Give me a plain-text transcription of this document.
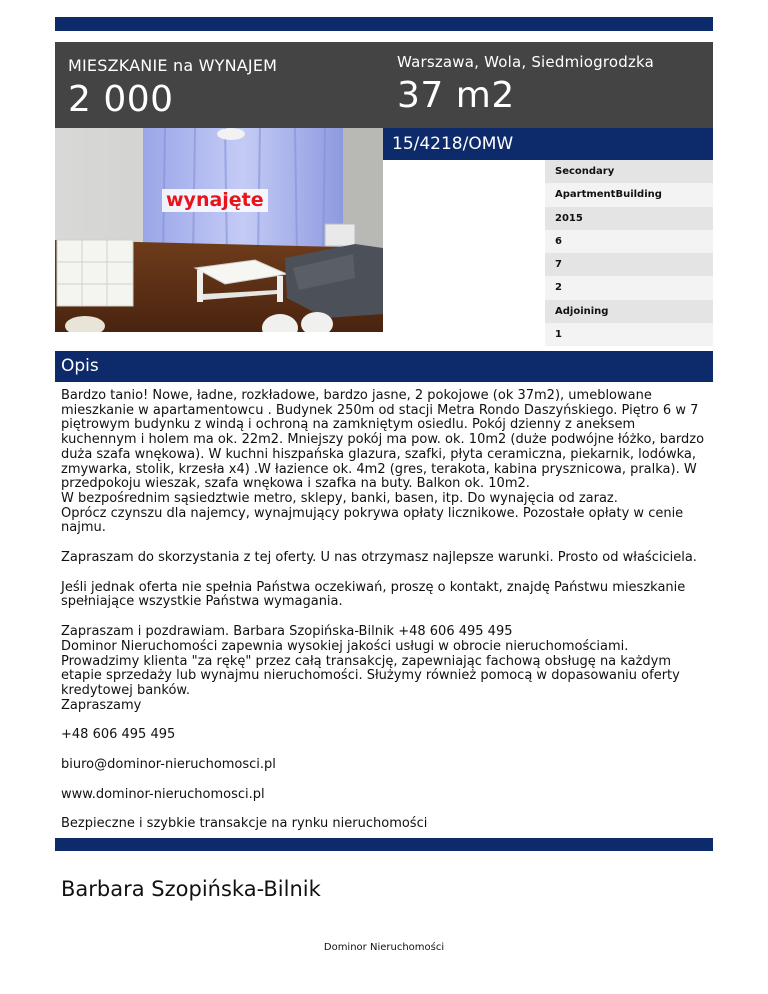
MIESZKANIE na WYNAJEM
2 000
Warszawa, Wola, Siedmiogrodzka
37 m2
wynajęte
15/4218/OMW
Secondary
ApartmentBuilding
2015
6
7
2
Adjoining
1
Opis

Bardzo tanio! Nowe, ładne, rozkładowe, bardzo jasne, 2 pokojowe (ok 37m2), umeblowane
mieszkanie w apartamentowcu . Budynek 250m od stacji Metra Rondo Daszyńskiego. Piętro 6 w 7
piętrowym budynku z windą i ochroną na zamkniętym osiedlu. Pokój dzienny z aneksem
kuchennym i holem ma ok. 22m2. Mniejszy pokój ma pow. ok. 10m2 (duże podwójne łóżko, bardzo
duża szafa wnękowa). W kuchni hiszpańska glazura, szafki, płyta ceramiczna, piekarnik, lodówka,
zmywarka, stolik, krzesła x4) .W łazience ok. 4m2 (gres, terakota, kabina prysznicowa, pralka). W
przedpokoju wieszak, szafa wnękowa i szafka na buty. Balkon ok. 10m2.
W bezpośrednim sąsiedztwie metro, sklepy, banki, basen, itp. Do wynajęcia od zaraz.
Oprócz czynszu dla najemcy, wynajmujący pokrywa opłaty licznikowe. Pozostałe opłaty w cenie
najmu.

Zapraszam do skorzystania z tej oferty. U nas otrzymasz najlepsze warunki. Prosto od właściciela.

Jeśli jednak oferta nie spełnia Państwa oczekiwań, proszę o kontakt, znajdę Państwu mieszkanie
spełniające wszystkie Państwa wymagania.

Zapraszam i pozdrawiam. Barbara Szopińska-Bilnik +48 606 495 495
Dominor Nieruchomości zapewnia wysokiej jakości usługi w obrocie nieruchomościami.
Prowadzimy klienta "za rękę" przez całą transakcję, zapewniając fachową obsługę na każdym
etapie sprzedaży lub wynajmu nieruchomości. Służymy również pomocą w dopasowaniu oferty
kredytowej banków.
Zapraszamy

+48 606 495 495

biuro@dominor-nieruchomosci.pl

www.dominor-nieruchomosci.pl

Bezpieczne i szybkie transakcje na rynku nieruchomości

Barbara Szopińska-Bilnik
Dominor Nieruchomości
